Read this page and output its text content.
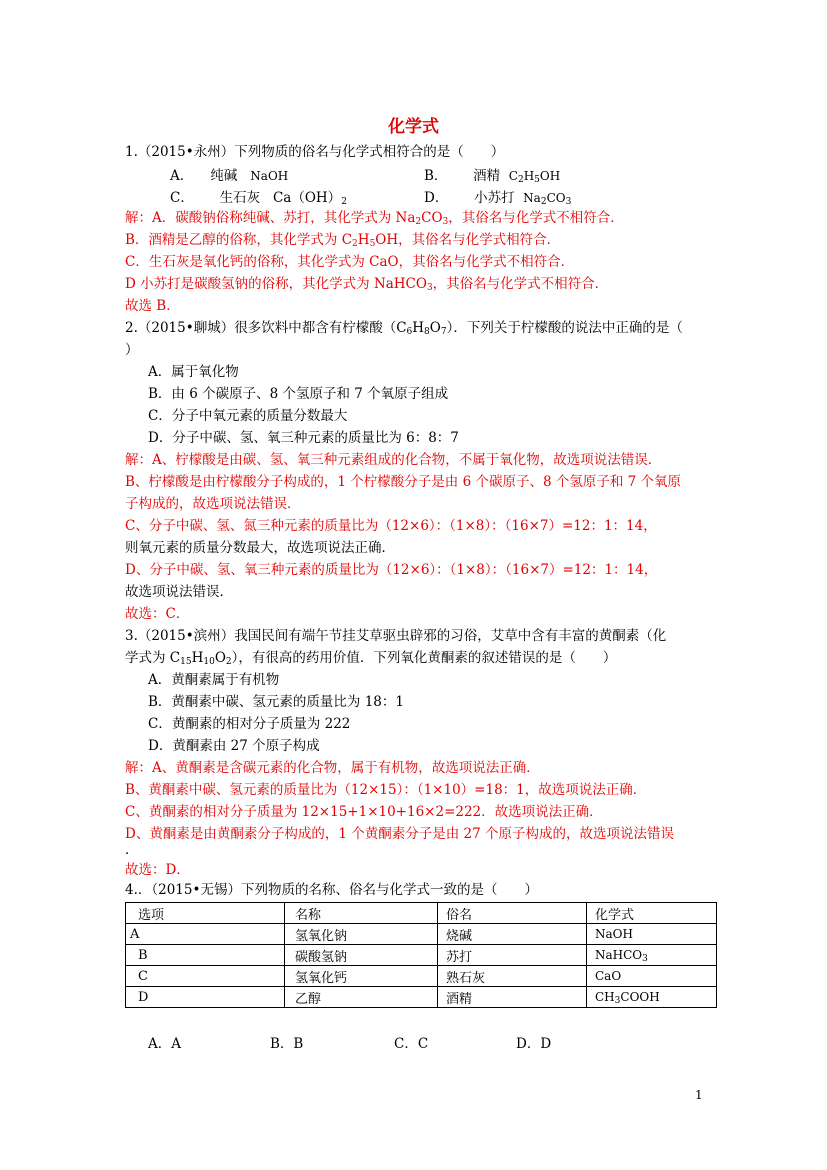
化学式
1.（2015•永州）下列物质的俗名与化学式相符合的是（　　）
A． 纯碱 NaOH	B． 酒精 $C_2H_5OH$
C． 生石灰 $Ca(OH)_2$	D． 小苏打 $Na_2CO_3$
解：A．碳酸钠俗称纯碱、苏打，其化学式为 $Na_2CO_3$，其俗名与化学式不相符合．
B．酒精是乙醇的俗称，其化学式为 $C_2H_5OH$，其俗名与化学式相符合．
C．生石灰是氧化钙的俗称，其化学式为 CaO，其俗名与化学式不相符合．
D 小苏打是碳酸氢钠的俗称，其化学式为 NaHCO$_3$，其俗名与化学式不相符合．
故选 B．
2.（2015•聊城）很多饮料中都含有柠檬酸$(C_6H_8O_7)$．下列关于柠檬酸的说法中正确的是（
）
A．属于氧化物
B．由 6 个碳原子、8 个氢原子和 7 个氧原子组成
C．分子中氧元素的质量分数最大
D．分子中碳、氢、氧三种元素的质量比为 6：8：7
解：A、柠檬酸是由碳、氢、氧三种元素组成的化合物，不属于氧化物，故选项说法错误．
B、柠檬酸是由柠檬酸分子构成的，1 个柠檬酸分子是由 6 个碳原子、8 个氢原子和 7 个氧原
子构成的，故选项说法错误．
C、分子中碳、氢、氮三种元素的质量比为（12×6）：（1×8）：（16×7）=12：1：14，
则氧元素的质量分数最大，故选项说法正确．
D、分子中碳、氢、氧三种元素的质量比为（12×6）：（1×8）：（16×7）=12：1：14，
故选项说法错误．
故选：C．
3.（2015•滨州）我国民间有端午节挂艾草驱虫辟邪的习俗，艾草中含有丰富的黄酮素（化
学式为 $C_{15}H_{10}O_2$），有很高的药用价值．下列氧化黄酮素的叙述错误的是（　　）
A．黄酮素属于有机物
B．黄酮素中碳、氢元素的质量比为 18：1
C．黄酮素的相对分子质量为 222
D．黄酮素由 27 个原子构成
解：A、黄酮素是含碳元素的化合物，属于有机物，故选项说法正确．
B、黄酮素中碳、氢元素的质量比为（12×15）：（1×10）=18：1，故选项说法正确．
C、黄酮素的相对分子质量为 12×15+1×10+16×2=222．故选项说法正确．
D、黄酮素是由黄酮素分子构成的，1 个黄酮素分子是由 27 个原子构成的，故选项说法错误
．
故选：D．
4.．（2015•无锡）下列物质的名称、俗名与化学式一致的是（　　）
选项	名称	俗名	化学式
A	氢氧化钠	烧碱	NaOH
B	碳酸氢钠	苏打	NaHCO$_3$
C	氢氧化钙	熟石灰	CaO
D	乙醇	酒精	$CH_3COOH$
A．A	B．B	C．C	D．D
1
